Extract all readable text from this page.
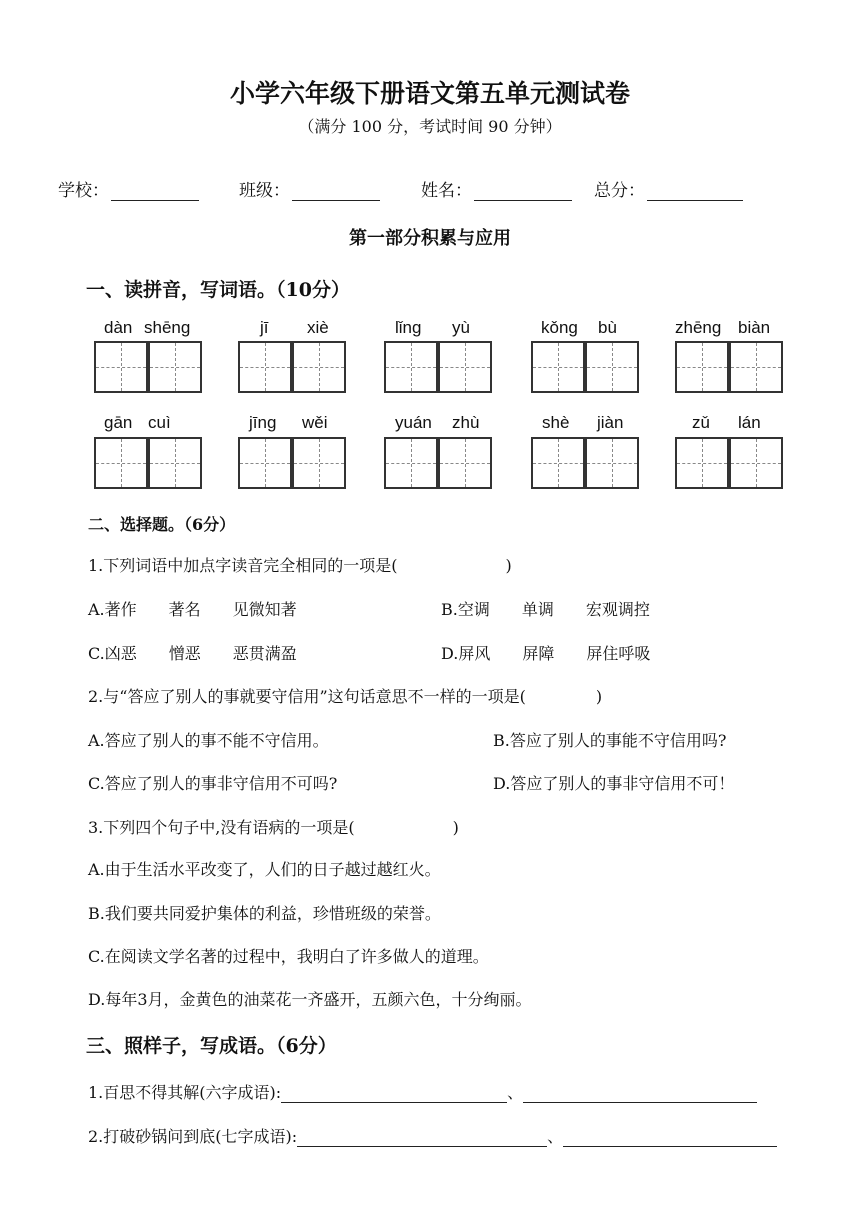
小学六年级下册语文第五单元测试卷
（满分 100 分，考试时间 90 分钟）
学校：	班级：	姓名：	总分：
第一部分积累与应用
一、读拼音，写词语。（10分）
dàn shēng	jī xiè	lǐng yù	kǒng bù	zhēng biàn
gān cuì	jīng wěi	yuán zhù	shè jiàn	zǔ lán
二、选择题。（6分）
1.下列词语中加点字读音完全相同的一项是(	)
A.著作　　著名　　见微知著	B.空调　　单调　　宏观调控
C.凶恶　　憎恶　　恶贯满盈	D.屏风　　屏障　　屏住呼吸
2.与“答应了别人的事就要守信用”这句话意思不一样的一项是(	)
A.答应了别人的事不能不守信用。	B.答应了别人的事能不守信用吗?
C.答应了别人的事非守信用不可吗?	D.答应了别人的事非守信用不可！
3.下列四个句子中,没有语病的一项是(	)
A.由于生活水平改变了，人们的日子越过越红火。
B.我们要共同爱护集体的利益，珍惜班级的荣誉。
C.在阅读文学名著的过程中，我明白了许多做人的道理。
D.每年3月，金黄色的油菜花一齐盛开，五颜六色，十分绚丽。
三、照样子，写成语。（6分）
1.百思不得其解(六字成语):	、
2.打破砂锅问到底(七字成语):	、
